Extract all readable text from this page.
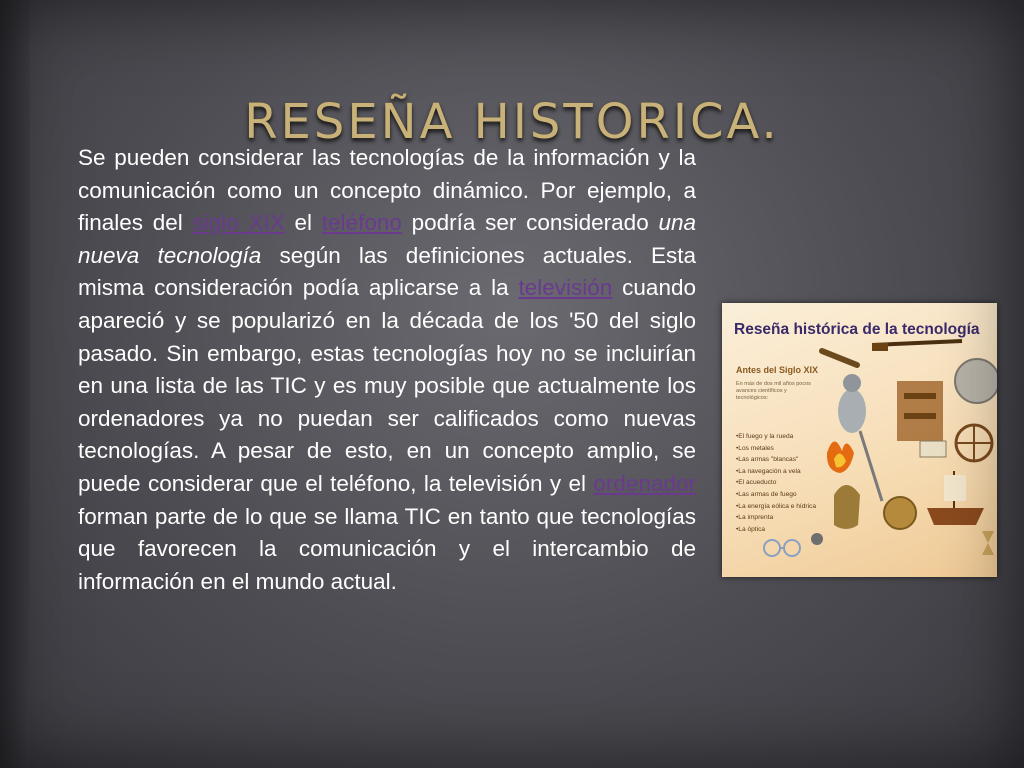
RESEÑA HISTORICA.
Se pueden considerar las tecnologías de la información y la comunicación como un concepto dinámico. Por ejemplo, a finales del siglo XIX el teléfono podría ser considerado una nueva tecnología según las definiciones actuales. Esta misma consideración podía aplicarse a la televisión cuando apareció y se popularizó en la década de los '50 del siglo pasado. Sin embargo, estas tecnologías hoy no se incluirían en una lista de las TIC y es muy posible que actualmente los ordenadores ya no puedan ser calificados como nuevas tecnologías. A pesar de esto, en un concepto amplio, se puede considerar que el teléfono, la televisión y el ordenador forman parte de lo que se llama TIC en tanto que tecnologías que favorecen la comunicación y el intercambio de información en el mundo actual.
Reseña histórica de la tecnología
Antes del Siglo XIX
En más de dos mil años pocos avances científicos y tecnológicos:
•El fuego y la rueda
•Los metales
•Las armas "blancas"
•La navegación a vela
•El acueducto
•Las armas de fuego
•La energía eólica e hídrica
•La imprenta
•La óptica
